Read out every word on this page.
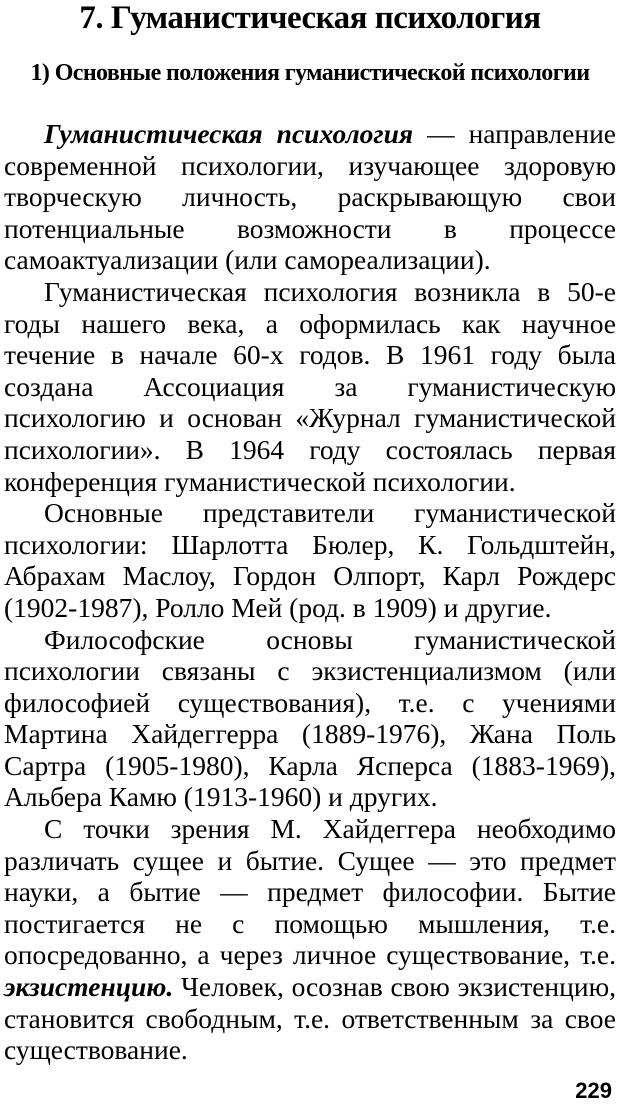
7. Гуманистическая психология
1) Основные положения гуманистической психологии

Гуманистическая психология — направление современной психологии, изучающее здоровую творческую личность, раскрывающую свои потенциальные возможности в процессе самоактуализации (или самореализации).

Гуманистическая психология возникла в 50-е годы нашего века, а оформилась как научное течение в начале 60-х годов. В 1961 году была создана Ассоциация за гуманистическую психологию и основан «Журнал гуманистической психологии». В 1964 году состоялась первая конференция гуманистической психологии.

Основные представители гуманистической психологии: Шарлотта Бюлер, К. Гольдштейн, Абрахам Маслоу, Гордон Олпорт, Карл Рождерс (1902-1987), Ролло Мей (род. в 1909) и другие.

Философские основы гуманистической психологии связаны с экзистенциализмом (или философией существования), т.е. с учениями Мартина Хайдеггерра (1889-1976), Жана Поль Сартра (1905-1980), Карла Ясперса (1883-1969), Альбера Камю (1913-1960) и других.

С точки зрения М. Хайдеггера необходимо различать сущее и бытие. Сущее — это предмет науки, а бытие — предмет философии. Бытие постигается не с помощью мышления, т.е. опосредованно, а через личное существование, т.е. экзистенцию. Человек, осознав свою экзистенцию, становится свободным, т.е. ответственным за свое существование.

229
